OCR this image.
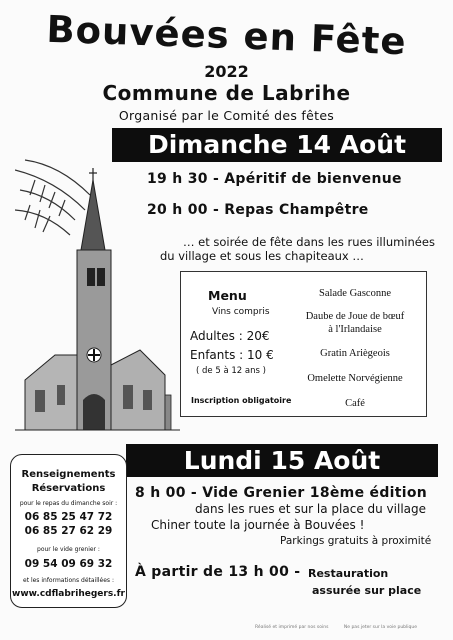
Bouvées en Fête
2022
Commune de Labrihe
Organisé par le Comité des fêtes
Dimanche 14 Août
19 h 30 - Apéritif de bienvenue
20 h 00 - Repas Champêtre
… et soirée de fête dans les rues illuminées
du village et sous les chapiteaux …
Menu
Vins compris
Adultes : 20€
Enfants : 10 €
( de 5 à 12 ans )
Inscription obligatoire
Salade Gasconne
Daube de Joue de bœuf
à l'Irlandaise
Gratin Ariègeois
Omelette Norvégienne
Café
Lundi 15 Août
8 h 00 - Vide Grenier 18ème édition
dans les rues et sur la place du village
Chiner toute la journée à Bouvées !
Parkings gratuits à proximité
À partir de 13 h 00 - Restauration
assurée sur place
Renseignements
Réservations
pour le repas du dimanche soir :
06 85 25 47 72
06 85 27 62 29
pour le vide grenier :
09 54 09 69 32
et les informations détaillées :
www.cdflabrihegers.fr
Réalisé et imprimé par nos soins	Ne pas jeter sur la voie publique
